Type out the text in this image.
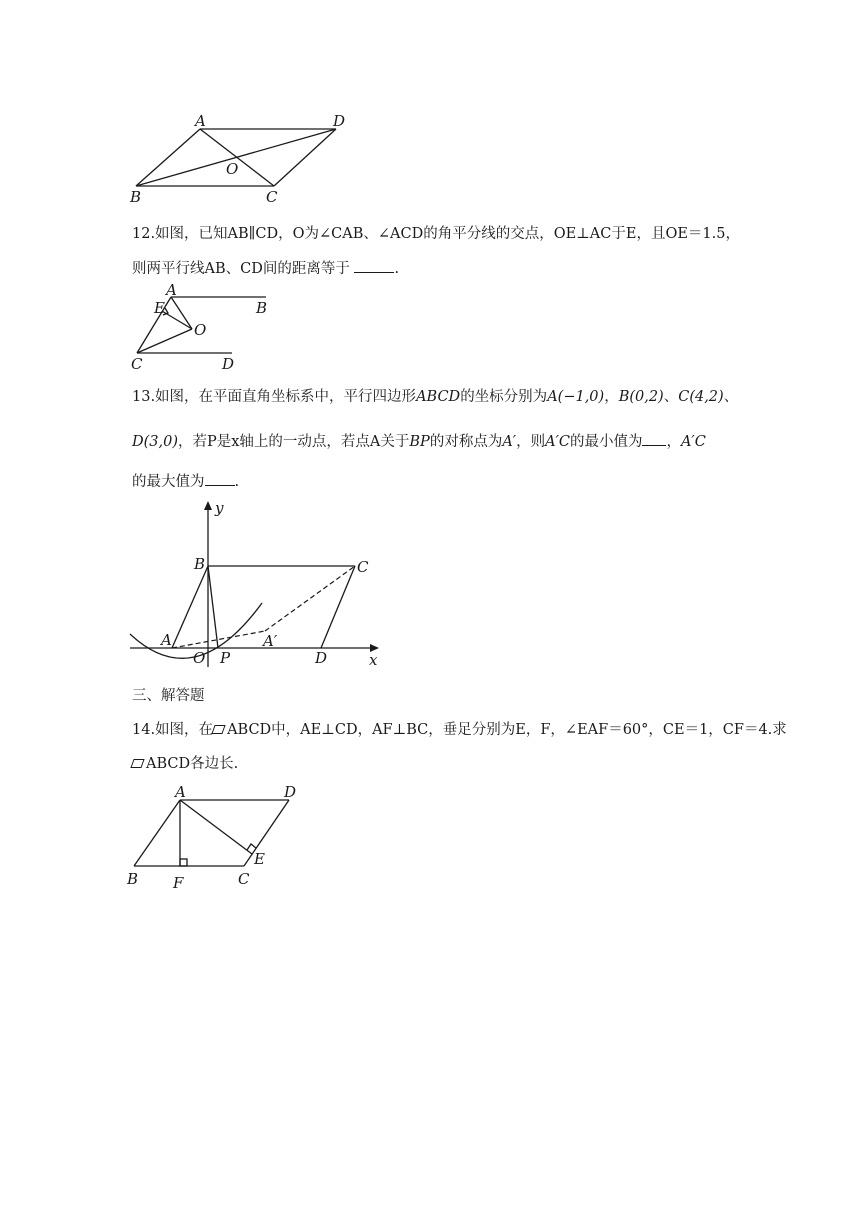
A	D
O
B	C
12.如图，已知AB∥CD，O为∠CAB、∠ACD的角平分线的交点，OE⊥AC于E，且OE＝1.5，
则两平行线AB、CD间的距离等于	.
A
B
E
O
C	D
13.如图，在平面直角坐标系中，平行四边形ABCD的坐标分别为A(−1,0)，B(0,2)、C(4,2)、
D(3,0)，若P是x轴上的一动点，若点A关于BP的对称点为A′，则A′C的最小值为 ，A′C
的最大值为 .
y
x
B	C
A
O P	D
A′
三、解答题
14.如图，在 ABCD中，AE⊥CD，AF⊥BC，垂足分别为E，F，∠EAF＝60°，CE＝1，CF＝4.求
ABCD各边长.
A	D
B F	C
E
